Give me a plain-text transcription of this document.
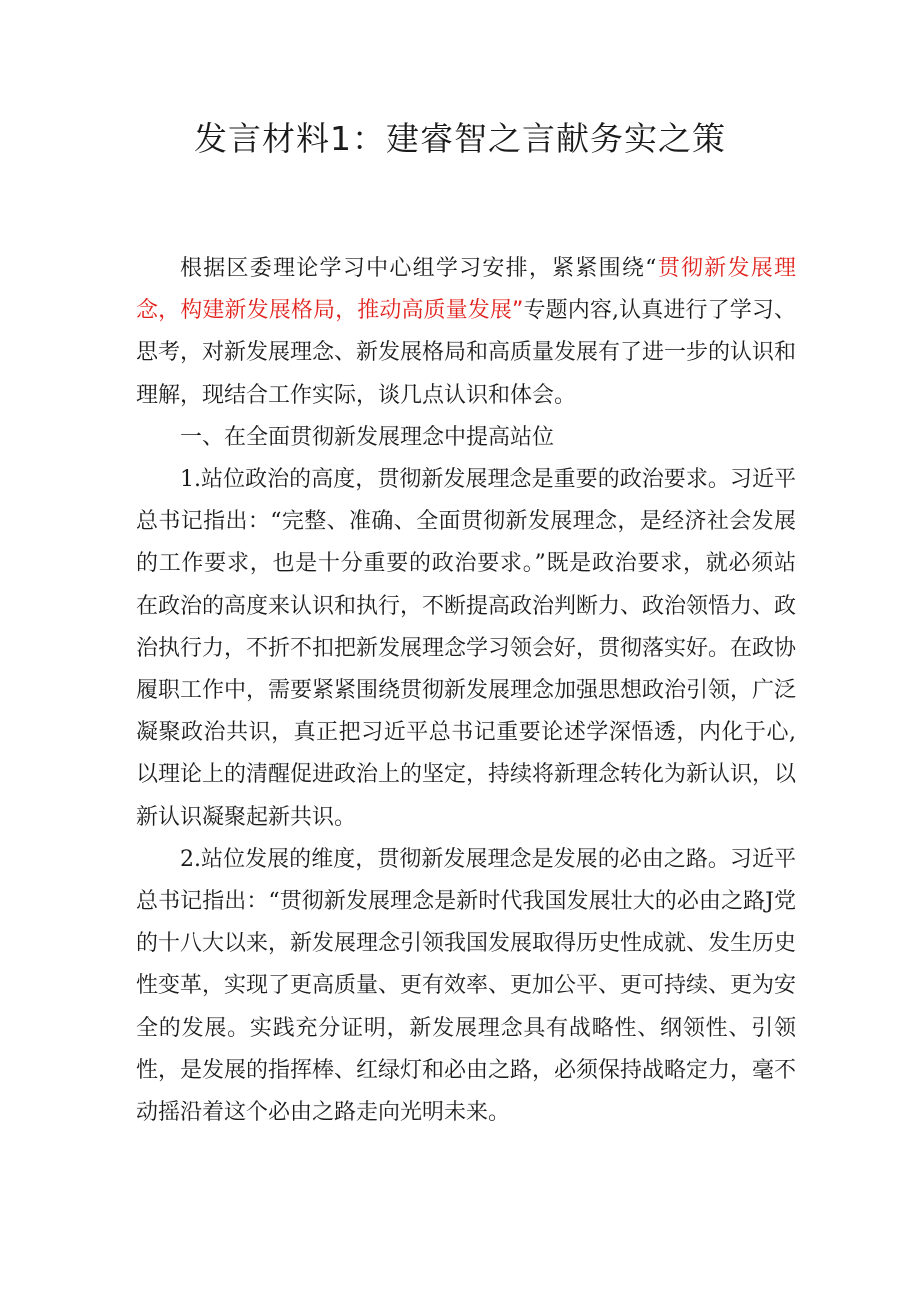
发言材料1：建睿智之言献务实之策

根据区委理论学习中心组学习安排，紧紧围绕“贯彻新发展理念，构建新发展格局，推动高质量发展”专题内容,认真进行了学习、思考，对新发展理念、新发展格局和高质量发展有了进一步的认识和理解，现结合工作实际，谈几点认识和体会。

一、在全面贯彻新发展理念中提高站位

1.站位政治的高度，贯彻新发展理念是重要的政治要求。习近平总书记指出：“完整、准确、全面贯彻新发展理念，是经济社会发展的工作要求，也是十分重要的政治要求。”既是政治要求，就必须站在政治的高度来认识和执行，不断提高政治判断力、政治领悟力、政治执行力，不折不扣把新发展理念学习领会好，贯彻落实好。在政协履职工作中，需要紧紧围绕贯彻新发展理念加强思想政治引领，广泛凝聚政治共识，真正把习近平总书记重要论述学深悟透，内化于心,以理论上的清醒促进政治上的坚定，持续将新理念转化为新认识，以新认识凝聚起新共识。

2.站位发展的维度，贯彻新发展理念是发展的必由之路。习近平总书记指出：“贯彻新发展理念是新时代我国发展壮大的必由之路J党的十八大以来，新发展理念引领我国发展取得历史性成就、发生历史性变革，实现了更高质量、更有效率、更加公平、更可持续、更为安全的发展。实践充分证明，新发展理念具有战略性、纲领性、引领性，是发展的指挥棒、红绿灯和必由之路，必须保持战略定力，毫不动摇沿着这个必由之路走向光明未来。
